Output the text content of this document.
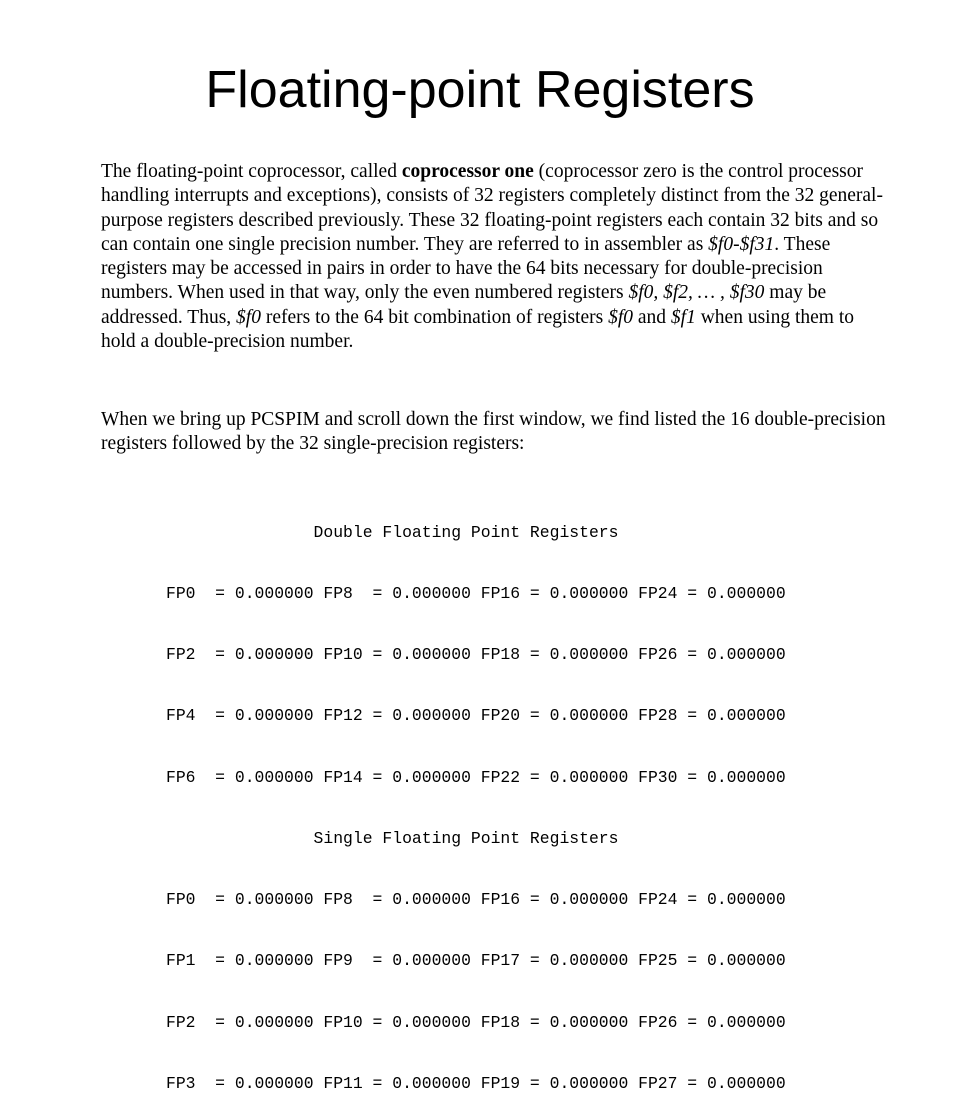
Floating-point Registers

The floating-point coprocessor, called coprocessor one (coprocessor zero is the control processor handling interrupts and exceptions), consists of 32 registers completely distinct from the 32 general-purpose registers described previously. These 32 floating-point registers each contain 32 bits and so can contain one single precision number. They are referred to in assembler as $f0-$f31. These registers may be accessed in pairs in order to have the 64 bits necessary for double-precision numbers. When used in that way, only the even numbered registers $f0, $f2, … , $f30 may be addressed. Thus, $f0 refers to the 64 bit combination of registers $f0 and $f1 when using them to hold a double-precision number.

When we bring up PCSPIM and scroll down the first window, we find listed the 16 double-precision registers followed by the 32 single-precision registers:

Double Floating Point Registers

FP0  = 0.000000 FP8  = 0.000000 FP16 = 0.000000 FP24 = 0.000000

FP2  = 0.000000 FP10 = 0.000000 FP18 = 0.000000 FP26 = 0.000000

FP4  = 0.000000 FP12 = 0.000000 FP20 = 0.000000 FP28 = 0.000000

FP6  = 0.000000 FP14 = 0.000000 FP22 = 0.000000 FP30 = 0.000000

Single Floating Point Registers

FP0  = 0.000000 FP8  = 0.000000 FP16 = 0.000000 FP24 = 0.000000

FP1  = 0.000000 FP9  = 0.000000 FP17 = 0.000000 FP25 = 0.000000

FP2  = 0.000000 FP10 = 0.000000 FP18 = 0.000000 FP26 = 0.000000

FP3  = 0.000000 FP11 = 0.000000 FP19 = 0.000000 FP27 = 0.000000
